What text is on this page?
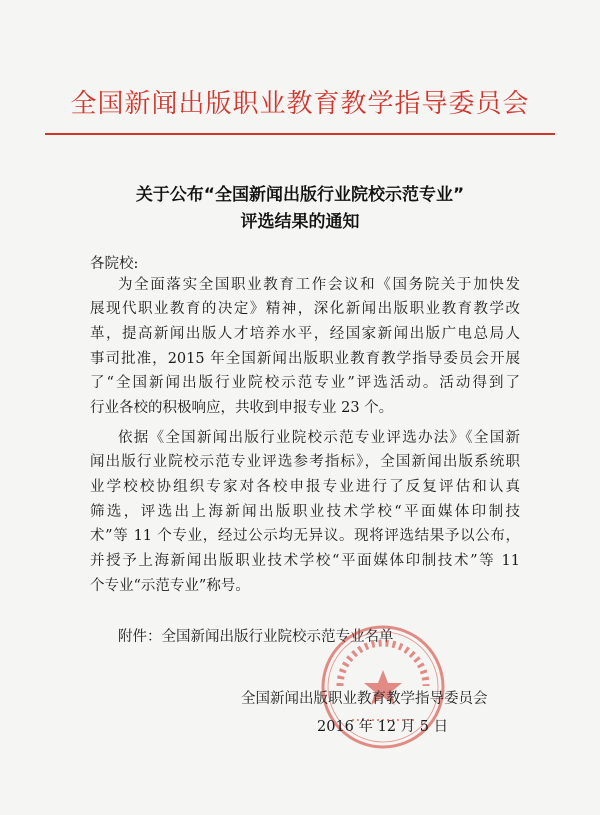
全国新闻出版职业教育教学指导委员会
关于公布“全国新闻出版行业院校示范专业”
评选结果的通知
各院校:
为全面落实全国职业教育工作会议和《国务院关于加快发
展现代职业教育的决定》精神，深化新闻出版职业教育教学改
革，提高新闻出版人才培养水平，经国家新闻出版广电总局人
事司批准，2015 年全国新闻出版职业教育教学指导委员会开展
了“全国新闻出版行业院校示范专业”评选活动。活动得到了
行业各校的积极响应，共收到申报专业 23 个。
依据《全国新闻出版行业院校示范专业评选办法》《全国新
闻出版行业院校示范专业评选参考指标》，全国新闻出版系统职
业学校校协组织专家对各校申报专业进行了反复评估和认真
筛选，评选出上海新闻出版职业技术学校“平面媒体印制技
术”等 11 个专业，经过公示均无异议。现将评选结果予以公布，
并授予上海新闻出版职业技术学校“平面媒体印制技术”等 11
个专业“示范专业”称号。
附件：全国新闻出版行业院校示范专业名单
全国新闻出版职业教育教学指导委员会
2016 年 12 月 5 日
